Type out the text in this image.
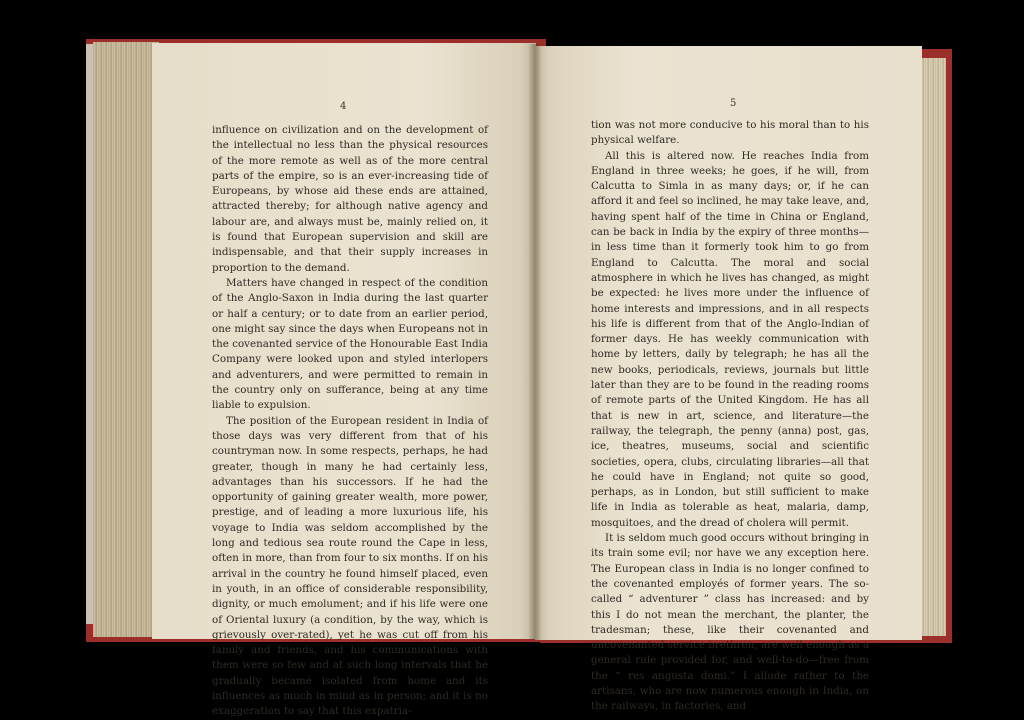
4

influence on civilization and on the development of the intellectual no less than the physical resources of the more remote as well as of the more central parts of the empire, so is an ever-increasing tide of Europeans, by whose aid these ends are attained, attracted thereby; for although native agency and labour are, and always must be, mainly relied on, it is found that European supervision and skill are indispensable, and that their supply increases in proportion to the demand.

Matters have changed in respect of the condition of the Anglo-Saxon in India during the last quarter or half a century; or to date from an earlier period, one might say since the days when Europeans not in the covenanted service of the Honourable East India Company were looked upon and styled interlopers and adventurers, and were permitted to remain in the country only on sufferance, being at any time liable to expulsion.

The position of the European resident in India of those days was very different from that of his countryman now. In some respects, perhaps, he had greater, though in many he had certainly less, advantages than his successors. If he had the opportunity of gaining greater wealth, more power, prestige, and of leading a more luxurious life, his voyage to India was seldom accomplished by the long and tedious sea route round the Cape in less, often in more, than from four to six months. If on his arrival in the country he found himself placed, even in youth, in an office of considerable responsibility, dignity, or much emolument; and if his life were one of Oriental luxury (a condition, by the way, which is grievously over-rated), yet he was cut off from his family and friends, and his communications with them were so few and at such long intervals that he gradually became isolated from home and its influences as much in mind as in person; and it is no exaggeration to say that this expatria-

5

tion was not more conducive to his moral than to his physical welfare.

All this is altered now. He reaches India from England in three weeks; he goes, if he will, from Calcutta to Simla in as many days; or, if he can afford it and feel so inclined, he may take leave, and, having spent half of the time in China or England, can be back in India by the expiry of three months—in less time than it formerly took him to go from England to Calcutta. The moral and social atmosphere in which he lives has changed, as might be expected: he lives more under the influence of home interests and impressions, and in all respects his life is different from that of the Anglo-Indian of former days. He has weekly communication with home by letters, daily by telegraph; he has all the new books, periodicals, reviews, journals but little later than they are to be found in the reading rooms of remote parts of the United Kingdom. He has all that is new in art, science, and literature—the railway, the telegraph, the penny (anna) post, gas, ice, theatres, museums, social and scientific societies, opera, clubs, circulating libraries—all that he could have in England; not quite so good, perhaps, as in London, but still sufficient to make life in India as tolerable as heat, malaria, damp, mosquitoes, and the dread of cholera will permit.

It is seldom much good occurs without bringing in its train some evil; nor have we any exception here. The European class in India is no longer confined to the covenanted employés of former years. The so-called “ adventurer ” class has increased: and by this I do not mean the merchant, the planter, the tradesman; these, like their covenanted and uncovenanted service brethren, are well enough as a general rule provided for, and well-to-do—free from the “ res angusta domi.” I allude rather to the artisans, who are now numerous enough in India, on the railways, in factories, and
